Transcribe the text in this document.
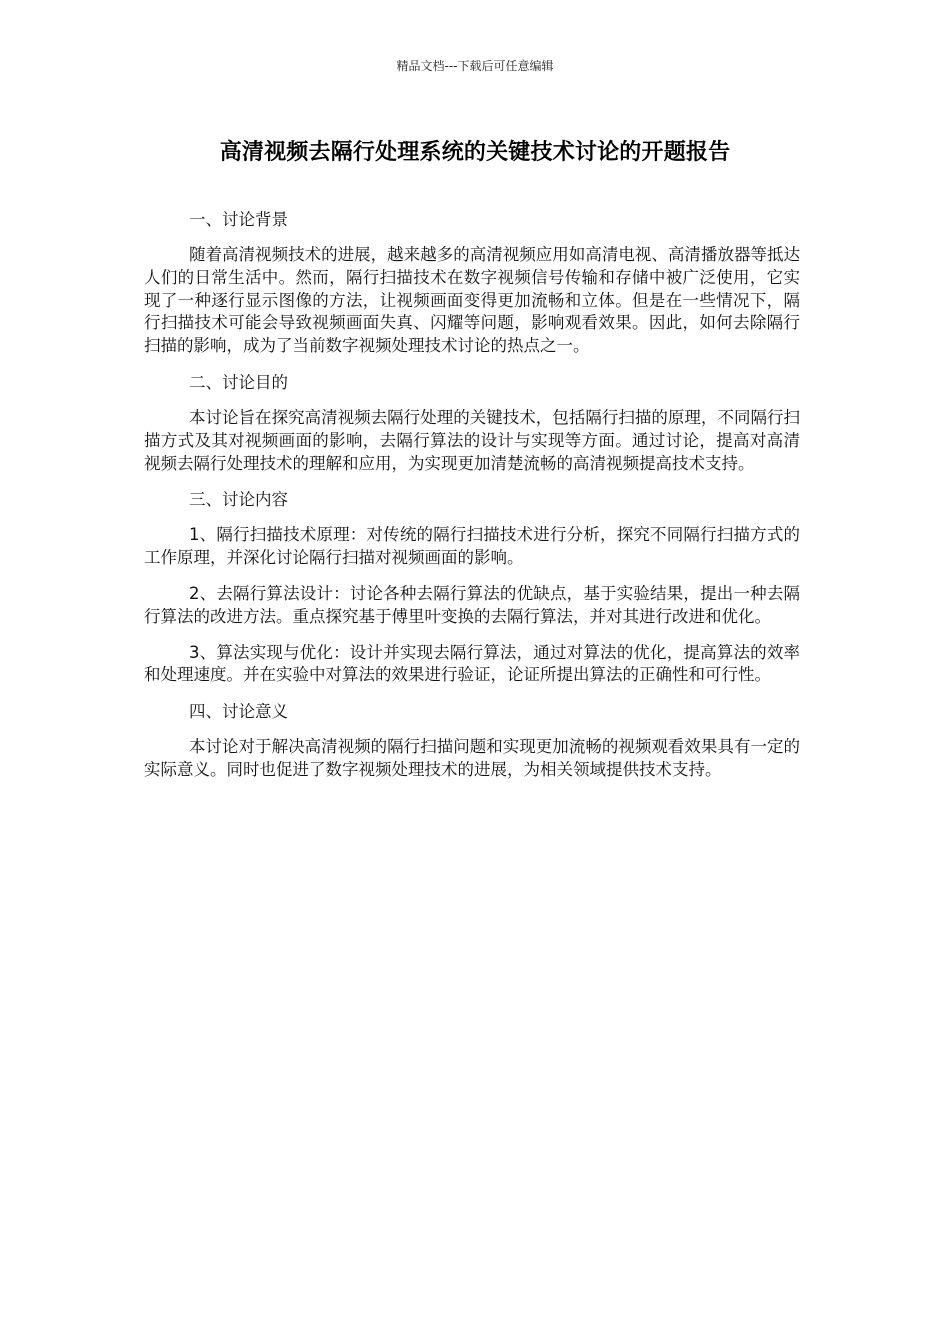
精品文档---下载后可任意编辑
高清视频去隔行处理系统的关键技术讨论的开题报告
一、讨论背景

随着高清视频技术的进展，越来越多的高清视频应用如高清电视、高清播放器等抵达人们的日常生活中。然而，隔行扫描技术在数字视频信号传输和存储中被广泛使用，它实现了一种逐行显示图像的方法，让视频画面变得更加流畅和立体。但是在一些情况下，隔行扫描技术可能会导致视频画面失真、闪耀等问题，影响观看效果。因此，如何去除隔行扫描的影响，成为了当前数字视频处理技术讨论的热点之一。

二、讨论目的

本讨论旨在探究高清视频去隔行处理的关键技术，包括隔行扫描的原理，不同隔行扫描方式及其对视频画面的影响，去隔行算法的设计与实现等方面。通过讨论，提高对高清视频去隔行处理技术的理解和应用，为实现更加清楚流畅的高清视频提高技术支持。

三、讨论内容

1、隔行扫描技术原理：对传统的隔行扫描技术进行分析，探究不同隔行扫描方式的工作原理，并深化讨论隔行扫描对视频画面的影响。

2、去隔行算法设计：讨论各种去隔行算法的优缺点，基于实验结果，提出一种去隔行算法的改进方法。重点探究基于傅里叶变换的去隔行算法，并对其进行改进和优化。

3、算法实现与优化：设计并实现去隔行算法，通过对算法的优化，提高算法的效率和处理速度。并在实验中对算法的效果进行验证，论证所提出算法的正确性和可行性。

四、讨论意义

本讨论对于解决高清视频的隔行扫描问题和实现更加流畅的视频观看效果具有一定的实际意义。同时也促进了数字视频处理技术的进展，为相关领域提供技术支持。
